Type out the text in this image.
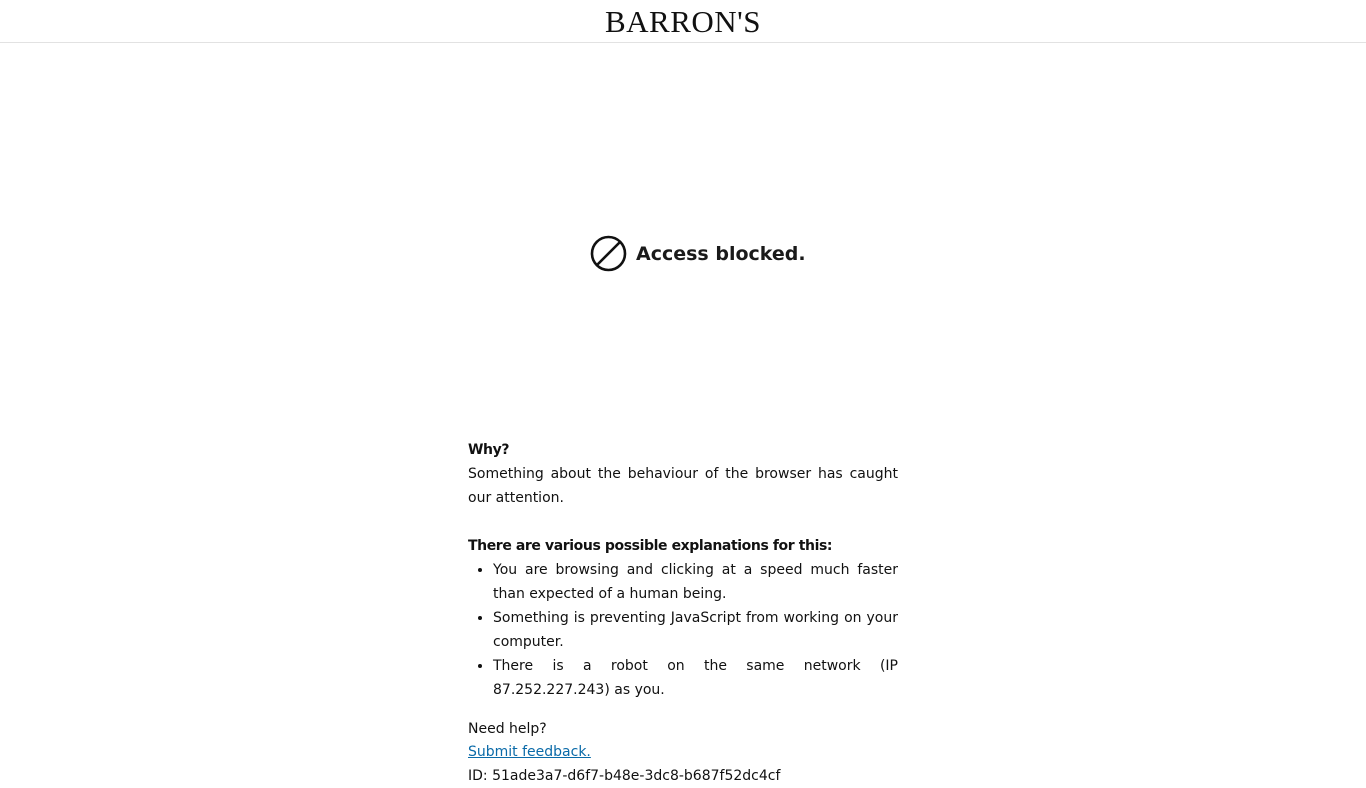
BARRON'S
Access blocked.

Why?

Something about the behaviour of the browser has caught our attention.

There are various possible explanations for this:

• You are browsing and clicking at a speed much faster than expected of a human being.
• Something is preventing JavaScript from working on your computer.
• There is a robot on the same network (IP 87.252.227.243) as you.
Need help?
Submit feedback.
ID: 51ade3a7-d6f7-b48e-3dc8-b687f52dc4cf
